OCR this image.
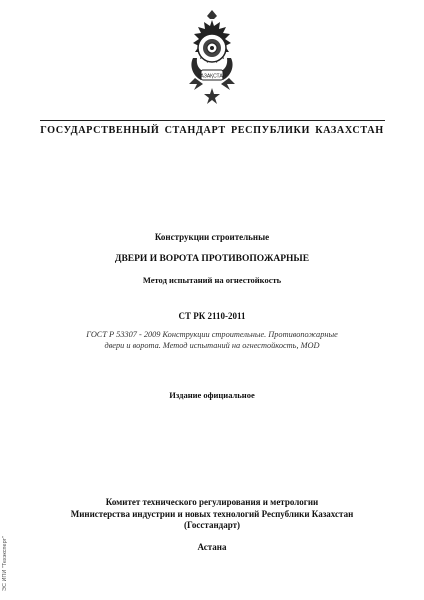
ҚАЗАҚСТАН
ГОСУДАРСТВЕННЫЙ СТАНДАРТ РЕСПУБЛИКИ КАЗАХСТАН
Конструкции строительные
ДВЕРИ И ВОРОТА ПРОТИВОПОЖАРНЫЕ
Метод испытаний на огнестойкость
СТ РК 2110-2011
ГОСТ Р 53307 - 2009 Конструкции строительные. Противопожарные
двери и ворота. Метод испытаний на огнестойкость, MOD
Издание официальное
Комитет технического регулирования и метрологии
Министерства индустрии и новых технологий Республики Казахстан
(Госстандарт)
Астана
ЭС ИПИ "Техэксперт"
